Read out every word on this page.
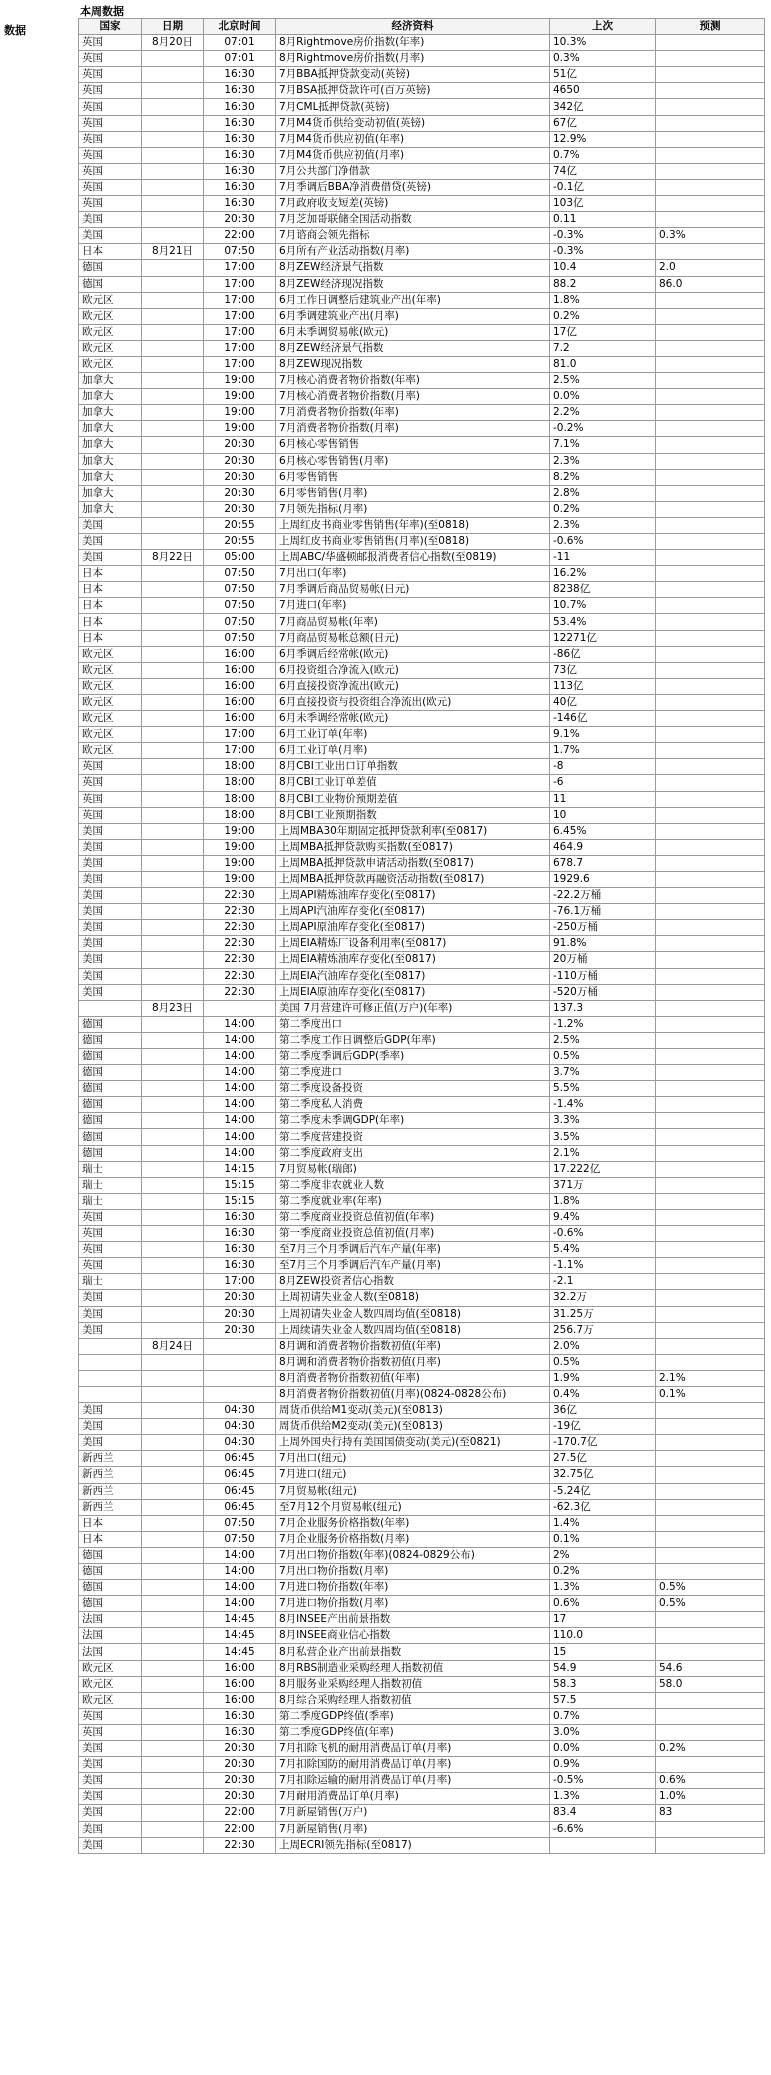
数据
本周数据
国家	日期	北京时间	经济资料	上次	预测
英国	8月20日	07:01	8月Rightmove房价指数(年率)	10.3%	
英国		07:01	8月Rightmove房价指数(月率)	0.3%	
英国		16:30	7月BBA抵押贷款变动(英镑)	51亿	
英国		16:30	7月BSA抵押贷款许可(百万英镑)	4650	
英国		16:30	7月CML抵押贷款(英镑)	342亿	
英国		16:30	7月M4货币供给变动初值(英镑)	67亿	
英国		16:30	7月M4货币供应初值(年率)	12.9%	
英国		16:30	7月M4货币供应初值(月率)	0.7%	
英国		16:30	7月公共部门净借款	74亿	
英国		16:30	7月季调后BBA净消费借贷(英镑)	-0.1亿	
英国		16:30	7月政府收支短差(英镑)	103亿	
美国		20:30	7月芝加哥联储全国活动指数	0.11	
美国		22:00	7月谘商会领先指标	-0.3%	0.3%
日本	8月21日	07:50	6月所有产业活动指数(月率)	-0.3%	
德国		17:00	8月ZEW经济景气指数	10.4	2.0
德国		17:00	8月ZEW经济现况指数	88.2	86.0
欧元区		17:00	6月工作日调整后建筑业产出(年率)	1.8%	
欧元区		17:00	6月季调建筑业产出(月率)	0.2%	
欧元区		17:00	6月未季调贸易帐(欧元)	17亿	
欧元区		17:00	8月ZEW经济景气指数	7.2	
欧元区		17:00	8月ZEW现况指数	81.0	
加拿大		19:00	7月核心消费者物价指数(年率)	2.5%	
加拿大		19:00	7月核心消费者物价指数(月率)	0.0%	
加拿大		19:00	7月消费者物价指数(年率)	2.2%	
加拿大		19:00	7月消费者物价指数(月率)	-0.2%	
加拿大		20:30	6月核心零售销售	7.1%	
加拿大		20:30	6月核心零售销售(月率)	2.3%	
加拿大		20:30	6月零售销售	8.2%	
加拿大		20:30	6月零售销售(月率)	2.8%	
加拿大		20:30	7月领先指标(月率)	0.2%	
美国		20:55	上周红皮书商业零售销售(年率)(至0818)	2.3%	
美国		20:55	上周红皮书商业零售销售(月率)(至0818)	-0.6%	
美国	8月22日	05:00	上周ABC/华盛顿邮报消费者信心指数(至0819)	-11	
日本		07:50	7月出口(年率)	16.2%	
日本		07:50	7月季调后商品贸易帐(日元)	8238亿	
日本		07:50	7月进口(年率)	10.7%	
日本		07:50	7月商品贸易帐(年率)	53.4%	
日本		07:50	7月商品贸易帐总额(日元)	12271亿	
欧元区		16:00	6月季调后经常帐(欧元)	-86亿	
欧元区		16:00	6月投资组合净流入(欧元)	73亿	
欧元区		16:00	6月直接投资净流出(欧元)	113亿	
欧元区		16:00	6月直接投资与投资组合净流出(欧元)	40亿	
欧元区		16:00	6月未季调经常帐(欧元)	-146亿	
欧元区		17:00	6月工业订单(年率)	9.1%	
欧元区		17:00	6月工业订单(月率)	1.7%	
英国		18:00	8月CBI工业出口订单指数	-8	
英国		18:00	8月CBI工业订单差值	-6	
英国		18:00	8月CBI工业物价预期差值	11	
英国		18:00	8月CBI工业预期指数	10	
美国		19:00	上周MBA30年期固定抵押贷款利率(至0817)	6.45%	
美国		19:00	上周MBA抵押贷款购买指数(至0817)	464.9	
美国		19:00	上周MBA抵押贷款申请活动指数(至0817)	678.7	
美国		19:00	上周MBA抵押贷款再融资活动指数(至0817)	1929.6	
美国		22:30	上周API精炼油库存变化(至0817)	-22.2万桶	
美国		22:30	上周API汽油库存变化(至0817)	-76.1万桶	
美国		22:30	上周API原油库存变化(至0817)	-250万桶	
美国		22:30	上周EIA精炼厂设备利用率(至0817)	91.8%	
美国		22:30	上周EIA精炼油库存变化(至0817)	20万桶	
美国		22:30	上周EIA汽油库存变化(至0817)	-110万桶	
美国		22:30	上周EIA原油库存变化(至0817)	-520万桶	
	8月23日		美国 7月营建许可修正值(万户)(年率)	137.3	
德国		14:00	第二季度出口	-1.2%	
德国		14:00	第二季度工作日调整后GDP(年率)	2.5%	
德国		14:00	第二季度季调后GDP(季率)	0.5%	
德国		14:00	第二季度进口	3.7%	
德国		14:00	第二季度设备投资	5.5%	
德国		14:00	第二季度私人消费	-1.4%	
德国		14:00	第二季度未季调GDP(年率)	3.3%	
德国		14:00	第二季度营建投资	3.5%	
德国		14:00	第二季度政府支出	2.1%	
瑞士		14:15	7月贸易帐(瑞郎)	17.222亿	
瑞士		15:15	第二季度非农就业人数	371万	
瑞士		15:15	第二季度就业率(年率)	1.8%	
英国		16:30	第二季度商业投资总值初值(年率)	9.4%	
英国		16:30	第一季度商业投资总值初值(月率)	-0.6%	
英国		16:30	至7月三个月季调后汽车产量(年率)	5.4%	
英国		16:30	至7月三个月季调后汽车产量(月率)	-1.1%	
瑞士		17:00	8月ZEW投资者信心指数	-2.1	
美国		20:30	上周初请失业金人数(至0818)	32.2万	
美国		20:30	上周初请失业金人数四周均值(至0818)	31.25万	
美国		20:30	上周续请失业金人数四周均值(至0818)	256.7万	
	8月24日		8月调和消费者物价指数初值(年率)	2.0%	
			8月调和消费者物价指数初值(月率)	0.5%	
			8月消费者物价指数初值(年率)	1.9%	2.1%
			8月消费者物价指数初值(月率)(0824-0828公布)	0.4%	0.1%
美国		04:30	周货币供给M1变动(美元)(至0813)	36亿	
美国		04:30	周货币供给M2变动(美元)(至0813)	-19亿	
美国		04:30	上周外国央行持有美国国债变动(美元)(至0821)	-170.7亿	
新西兰		06:45	7月出口(纽元)	27.5亿	
新西兰		06:45	7月进口(纽元)	32.75亿	
新西兰		06:45	7月贸易帐(纽元)	-5.24亿	
新西兰		06:45	至7月12个月贸易帐(纽元)	-62.3亿	
日本		07:50	7月企业服务价格指数(年率)	1.4%	
日本		07:50	7月企业服务价格指数(月率)	0.1%	
德国		14:00	7月出口物价指数(年率)(0824-0829公布)	2%	
德国		14:00	7月出口物价指数(月率)	0.2%	
德国		14:00	7月进口物价指数(年率)	1.3%	0.5%
德国		14:00	7月进口物价指数(月率)	0.6%	0.5%
法国		14:45	8月INSEE产出前景指数	17	
法国		14:45	8月INSEE商业信心指数	110.0	
法国		14:45	8月私营企业产出前景指数	15	
欧元区		16:00	8月RBS制造业采购经理人指数初值	54.9	54.6
欧元区		16:00	8月服务业采购经理人指数初值	58.3	58.0
欧元区		16:00	8月综合采购经理人指数初值	57.5	
英国		16:30	第二季度GDP终值(季率)	0.7%	
英国		16:30	第二季度GDP终值(年率)	3.0%	
美国		20:30	7月扣除飞机的耐用消费品订单(月率)	0.0%	0.2%
美国		20:30	7月扣除国防的耐用消费品订单(月率)	0.9%	
美国		20:30	7月扣除运输的耐用消费品订单(月率)	-0.5%	0.6%
美国		20:30	7月耐用消费品订单(月率)	1.3%	1.0%
美国		22:00	7月新屋销售(万户)	83.4	83
美国		22:00	7月新屋销售(月率)	-6.6%	
美国		22:30	上周ECRI领先指标(至0817)		
